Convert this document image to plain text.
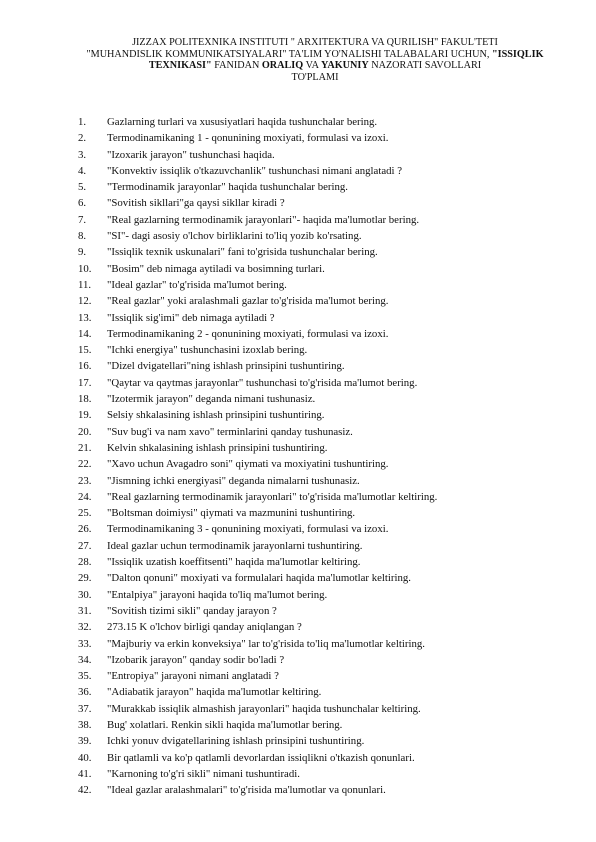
JIZZAX POLITEXNIKA INSTITUTI " ARXITEKTURA VA QURILISH" FAKUL'TETI
"MUHANDISLIK KOMMUNIKATSIYALARI" TA'LIM YO'NALISHI TALABALARI UCHUN, "ISSIQLIK
TEXNIKASI" FANIDAN ORALIQ VA YAKUNIY NAZORATI SAVOLLARI
TO'PLAMI
1.	Gazlarning turlari va xususiyatlari haqida tushunchalar bering.
2.	Termodinamikaning 1 - qonunining moxiyati, formulasi va izoxi.
3.	"Izoxarik jarayon" tushunchasi haqida.
4.	"Konvektiv issiqlik o'tkazuvchanlik" tushunchasi nimani anglatadi ?
5.	"Termodinamik jarayonlar" haqida tushunchalar bering.
6.	"Sovitish sikllari"ga qaysi sikllar kiradi ?
7.	"Real gazlarning termodinamik jarayonlari"- haqida ma'lumotlar bering.
8.	"SI"- dagi asosiy o'lchov birliklarini to'liq yozib ko'rsating.
9.	"Issiqlik texnik uskunalari" fani to'grisida tushunchalar bering.
10.	"Bosim" deb nimaga aytiladi va bosimning turlari.
11.	"Ideal gazlar" to'g'risida ma'lumot bering.
12.	"Real gazlar" yoki aralashmali gazlar to'g'risida ma'lumot bering.
13.	"Issiqlik sig'imi" deb nimaga aytiladi ?
14.	Termodinamikaning 2 - qonunining moxiyati, formulasi va izoxi.
15.	"Ichki energiya" tushunchasini izoxlab bering.
16.	"Dizel dvigatellari"ning ishlash prinsipini tushuntiring.
17.	"Qaytar va qaytmas jarayonlar" tushunchasi to'g'risida ma'lumot bering.
18.	"Izotermik jarayon" deganda nimani tushunasiz.
19.	Selsiy shkalasining ishlash prinsipini tushuntiring.
20.	"Suv bug'i va nam xavo" terminlarini qanday tushunasiz.
21.	Kelvin shkalasining ishlash prinsipini tushuntiring.
22.	"Xavo uchun Avagadro soni" qiymati va moxiyatini tushuntiring.
23.	"Jismning ichki energiyasi" deganda nimalarni tushunasiz.
24.	"Real gazlarning termodinamik jarayonlari" to'g'risida ma'lumotlar keltiring.
25.	"Boltsman doimiysi" qiymati va mazmunini tushuntiring.
26.	Termodinamikaning 3 - qonunining moxiyati, formulasi va izoxi.
27.	Ideal gazlar uchun termodinamik jarayonlarni tushuntiring.
28.	"Issiqlik uzatish koeffitsenti" haqida ma'lumotlar keltiring.
29.	"Dalton qonuni" moxiyati va formulalari haqida ma'lumotlar keltiring.
30.	"Entalpiya" jarayoni haqida to'liq ma'lumot bering.
31.	"Sovitish tizimi sikli" qanday jarayon ?
32.	273.15 K o'lchov birligi qanday aniqlangan ?
33.	"Majburiy va erkin konveksiya" lar to'g'risida to'liq ma'lumotlar keltiring.
34.	"Izobarik jarayon" qanday sodir bo'ladi ?
35.	"Entropiya" jarayoni nimani anglatadi ?
36.	"Adiabatik jarayon" haqida ma'lumotlar keltiring.
37.	"Murakkab issiqlik almashish jarayonlari" haqida tushunchalar keltiring.
38.	Bug' xolatlari. Renkin sikli haqida ma'lumotlar bering.
39.	Ichki yonuv dvigatellarining ishlash prinsipini tushuntiring.
40.	Bir qatlamli va ko'p qatlamli devorlardan issiqlikni o'tkazish qonunlari.
41.	"Karnoning to'g'ri sikli" nimani tushuntiradi.
42.	"Ideal gazlar aralashmalari" to'g'risida ma'lumotlar va qonunlari.
